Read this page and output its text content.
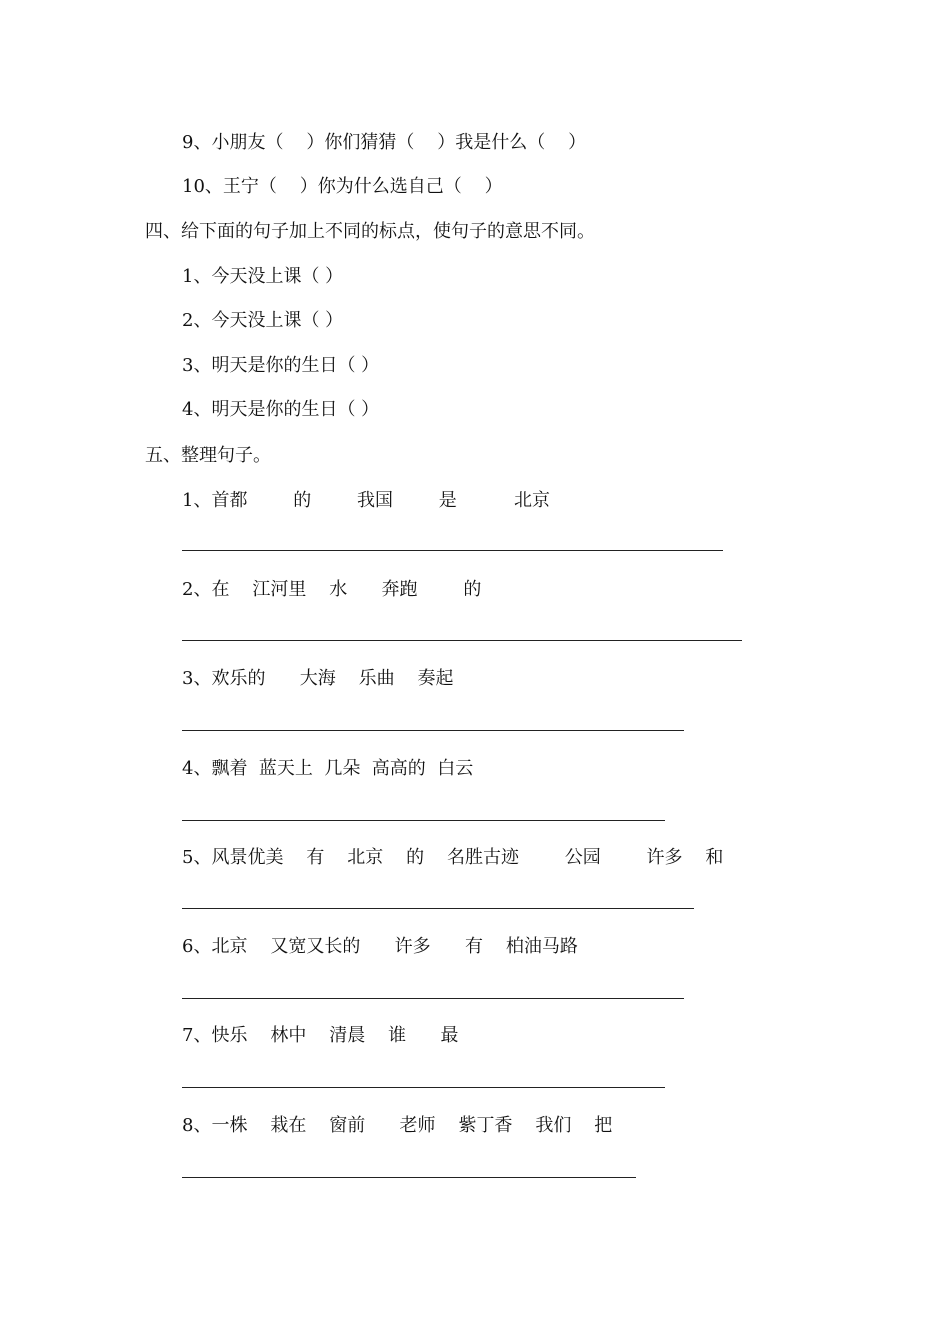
9、小朋友（    ）你们猜猜（    ）我是什么（    ）
10、王宁（    ）你为什么选自己（    ）
四、给下面的句子加上不同的标点，使句子的意思不同。
1、今天没上课（ ）
2、今天没上课（ ）
3、明天是你的生日（ ）
4、明天是你的生日（ ）
五、整理句子。
1、首都        的        我国        是          北京
2、在    江河里    水      奔跑        的
3、欢乐的      大海    乐曲    奏起
4、飘着  蓝天上  几朵  高高的  白云
5、风景优美    有    北京    的    名胜古迹        公园        许多    和
6、北京    又宽又长的      许多      有    柏油马路
7、快乐    林中    清晨    谁      最
8、一株    栽在    窗前      老师    紫丁香    我们    把
